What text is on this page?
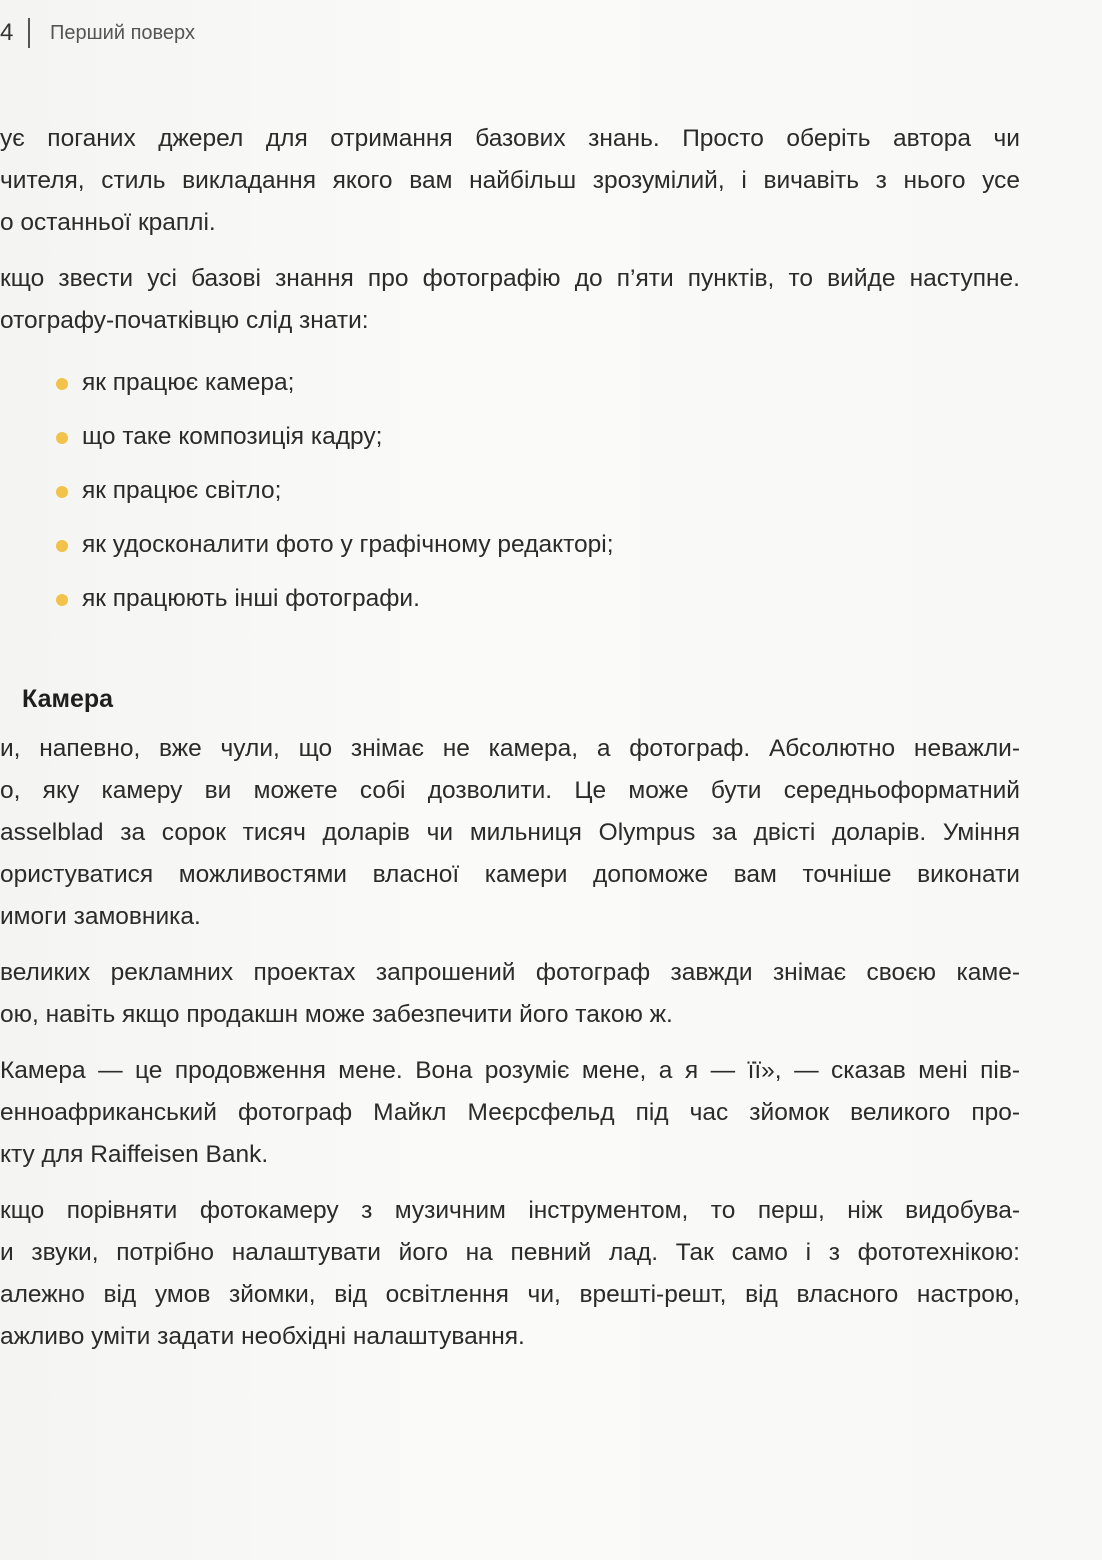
4 Перший поверх
ує поганих джерел для отримання базових знань. Просто оберіть автора чи
чителя, стиль викладання якого вам найбільш зрозумілий, і вичавіть з нього усе
о останньої краплі.
кщо звести усі базові знання про фотографію до п’яти пунктів, то вийде наступне.
отографу-початківцю слід знати:
як працює камера;
що таке композиція кадру;
як працює світло;
як удосконалити фото у графічному редакторі;
як працюють інші фотографи.
Камера
и, напевно, вже чули, що знімає не камера, а фотограф. Абсолютно неважли-
о, яку камеру ви можете собі дозволити. Це може бути середньоформатний
asselblad за сорок тисяч доларів чи мильниця Olympus за двісті доларів. Уміння
ористуватися можливостями власної камери допоможе вам точніше виконати
имоги замовника.
великих рекламних проектах запрошений фотограф завжди знімає своєю каме-
ою, навіть якщо продакшн може забезпечити його такою ж.
Камера — це продовження мене. Вона розуміє мене, а я — її», — сказав мені пів-
енноафриканський фотограф Майкл Меєрсфельд під час зйомок великого про-
кту для Raiffeisen Bank.
кщо порівняти фотокамеру з музичним інструментом, то перш, ніж видобува-
и звуки, потрібно налаштувати його на певний лад. Так само і з фототехнікою:
алежно від умов зйомки, від освітлення чи, врешті-решт, від власного настрою,
ажливо уміти задати необхідні налаштування.
